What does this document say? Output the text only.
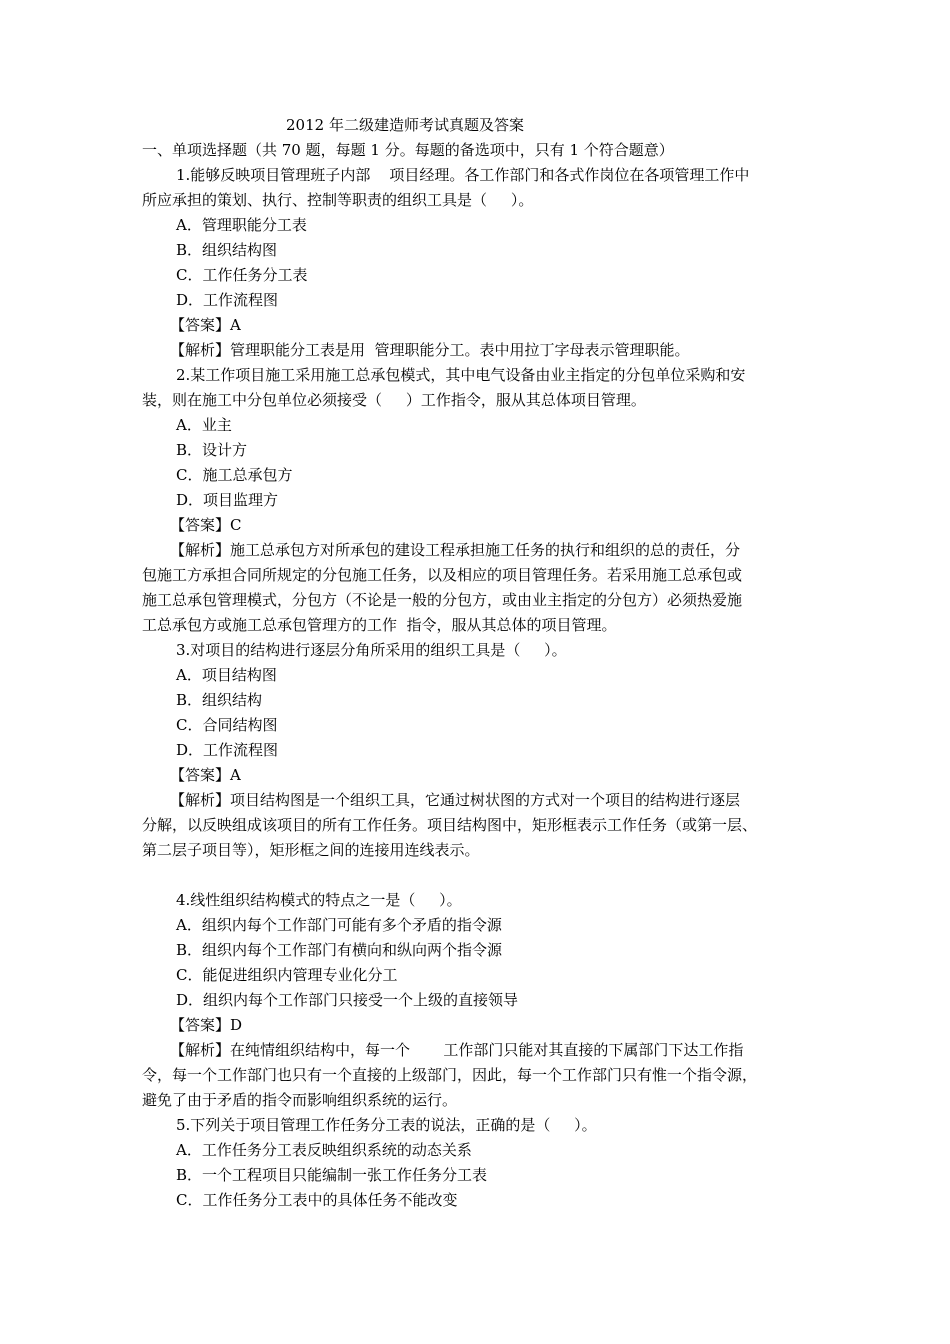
2012 年二级建造师考试真题及答案
一、单项选择题（共 70 题，每题 1 分。每题的备选项中，只有 1 个符合题意）
1.能够反映项目管理班子内部    项目经理。各工作部门和各式作岗位在各项管理工作中
所应承担的策划、执行、控制等职责的组织工具是（     ）。
A．管理职能分工表
B．组织结构图
C．工作任务分工表
D．工作流程图
【答案】A
【解析】管理职能分工表是用  管理职能分工。表中用拉丁字母表示管理职能。
2.某工作项目施工采用施工总承包模式，其中电气设备由业主指定的分包单位采购和安
装，则在施工中分包单位必须接受（     ）工作指令，服从其总体项目管理。
A．业主
B．设计方
C．施工总承包方
D．项目监理方
【答案】C
【解析】施工总承包方对所承包的建设工程承担施工任务的执行和组织的总的责任，分
包施工方承担合同所规定的分包施工任务，以及相应的项目管理任务。若采用施工总承包或
施工总承包管理模式，分包方（不论是一般的分包方，或由业主指定的分包方）必须热爱施
工总承包方或施工总承包管理方的工作  指令，服从其总体的项目管理。
3.对项目的结构进行逐层分角所采用的组织工具是（     ）。
A．项目结构图
B．组织结构
C．合同结构图
D．工作流程图
【答案】A
【解析】项目结构图是一个组织工具，它通过树状图的方式对一个项目的结构进行逐层
分解，以反映组成该项目的所有工作任务。项目结构图中，矩形框表示工作任务（或第一层、
第二层子项目等），矩形框之间的连接用连线表示。
4.线性组织结构模式的特点之一是（     ）。
A．组织内每个工作部门可能有多个矛盾的指令源
B．组织内每个工作部门有横向和纵向两个指令源
C．能促进组织内管理专业化分工
D．组织内每个工作部门只接受一个上级的直接领导
【答案】D
【解析】在纯情组织结构中，每一个       工作部门只能对其直接的下属部门下达工作指
令，每一个工作部门也只有一个直接的上级部门，因此，每一个工作部门只有惟一个指令源，
避免了由于矛盾的指令而影响组织系统的运行。
5.下列关于项目管理工作任务分工表的说法，正确的是（     ）。
A．工作任务分工表反映组织系统的动态关系
B．一个工程项目只能编制一张工作任务分工表
C．工作任务分工表中的具体任务不能改变
